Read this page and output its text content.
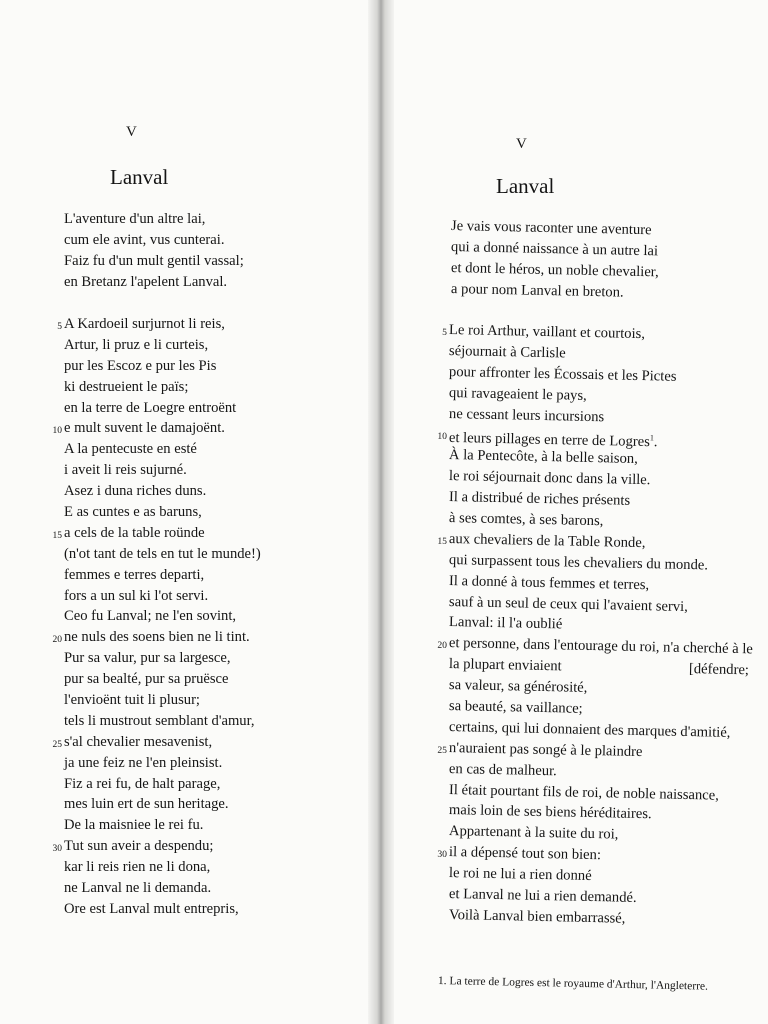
V
Lanval
L'aventure d'un altre lai,
cum ele avint, vus cunterai.
Faiz fu d'un mult gentil vassal;
en Bretanz l'apelent Lanval.
5 A Kardoeil surjurnot li reis,
Artur, li pruz e li curteis,
pur les Escoz e pur les Pis
ki destrueient le païs;
en la terre de Loegre entroënt
10 e mult suvent le damajoënt.
A la pentecuste en esté
i aveit li reis sujurné.
Asez i duna riches duns.
E as cuntes e as baruns,
15 a cels de la table roünde
(n'ot tant de tels en tut le munde!)
femmes e terres departi,
fors a un sul ki l'ot servi.
Ceo fu Lanval; ne l'en sovint,
20 ne nuls des soens bien ne li tint.
Pur sa valur, pur sa largesce,
pur sa bealté, pur sa pruësce
l'envioënt tuit li plusur;
tels li mustrout semblant d'amur,
25 s'al chevalier mesavenist,
ja une feiz ne l'en pleinsist.
Fiz a rei fu, de halt parage,
mes luin ert de sun heritage.
De la maisniee le rei fu.
30 Tut sun aveir a despendu;
kar li reis rien ne li dona,
ne Lanval ne li demanda.
Ore est Lanval mult entrepris,
V
Lanval
Je vais vous raconter une aventure
qui a donné naissance à un autre lai
et dont le héros, un noble chevalier,
a pour nom Lanval en breton.
5 Le roi Arthur, vaillant et courtois,
séjournait à Carlisle
pour affronter les Écossais et les Pictes
qui ravageaient le pays,
ne cessant leurs incursions
10 et leurs pillages en terre de Logres$^1$.
À la Pentecôte, à la belle saison,
le roi séjournait donc dans la ville.
Il a distribué de riches présents
à ses comtes, à ses barons,
15 aux chevaliers de la Table Ronde,
qui surpassent tous les chevaliers du monde.
Il a donné à tous femmes et terres,
sauf à un seul de ceux qui l'avaient servi,
Lanval: il l'a oublié
20 et personne, dans l'entourage du roi, n'a cherché à le
la plupart enviaient	[défendre;
sa valeur, sa générosité,
sa beauté, sa vaillance;
certains, qui lui donnaient des marques d'amitié,
25 n'auraient pas songé à le plaindre
en cas de malheur.
Il était pourtant fils de roi, de noble naissance,
mais loin de ses biens héréditaires.
Appartenant à la suite du roi,
30 il a dépensé tout son bien:
le roi ne lui a rien donné
et Lanval ne lui a rien demandé.
Voilà Lanval bien embarrassé,
1. La terre de Logres est le royaume d'Arthur, l'Angleterre.
